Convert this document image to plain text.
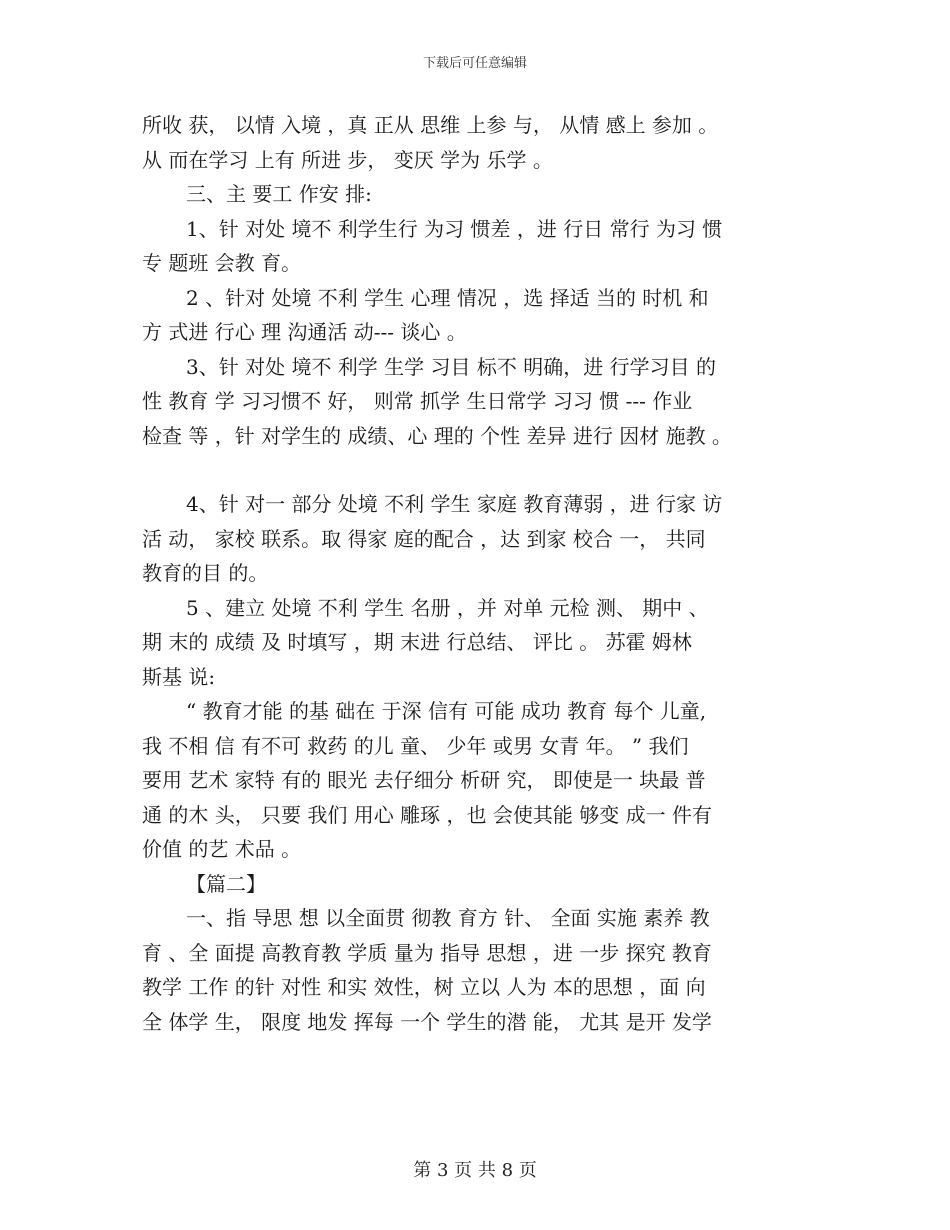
下载后可任意编辑

所收 获， 以情 入境 ，真 正从 思维 上参 与， 从情 感上 参加 。
从 而在学习 上有 所进 步， 变厌 学为 乐学 。

三、主 要工 作安 排:

1、针 对处 境不 利学生行 为习 惯差 ，进 行日 常行 为习 惯
专 题班 会教 育。

2 、针对 处境 不利 学生 心理 情况 ，选 择适 当的 时机 和
方 式进 行心 理 沟通活 动--- 谈心 。

3、针 对处 境不 利学 生学 习目 标不 明确，进 行学习目 的
性 教育 学 习习惯不 好， 则常 抓学 生日常学 习习 惯 --- 作业
检查 等 ，针 对学生的 成绩、心 理的 个性 差异 进行 因材 施教 。

4、针 对一 部分 处境 不利 学生 家庭 教育薄弱 ，进 行家 访
活 动， 家校 联系。取 得家 庭的配合 ，达 到家 校合 一， 共同
教育的目 的。

5 、建立 处境 不利 学生 名册 ，并 对单 元检 测、 期中 、
期 末的 成绩 及 时填写 ，期 末进 行总结、 评比 。 苏霍 姆林
斯基 说:

“ 教育才能 的基 础在 于深 信有 可能 成功 教育 每个 儿童,
我 不相 信 有不可 救药 的儿 童、 少年 或男 女青 年。 ” 我们
要用 艺术 家特 有的 眼光 去仔细分 析研 究， 即使是一 块最 普
通 的木 头， 只要 我们 用心 雕琢 ，也 会使其能 够变 成一 件有
价值 的艺 术品 。

【篇二】

一、指 导思 想 以全面贯 彻教 育方 针、 全面 实施 素养 教
育 、全 面提 高教育教 学质 量为 指导 思想 ，进 一步 探究 教育
教学 工作 的针 对性 和实 效性，树 立以 人为 本的思想 ，面 向
全 体学 生， 限度 地发 挥每 一个 学生的潜 能， 尤其 是开 发学

第 3 页 共 8 页
